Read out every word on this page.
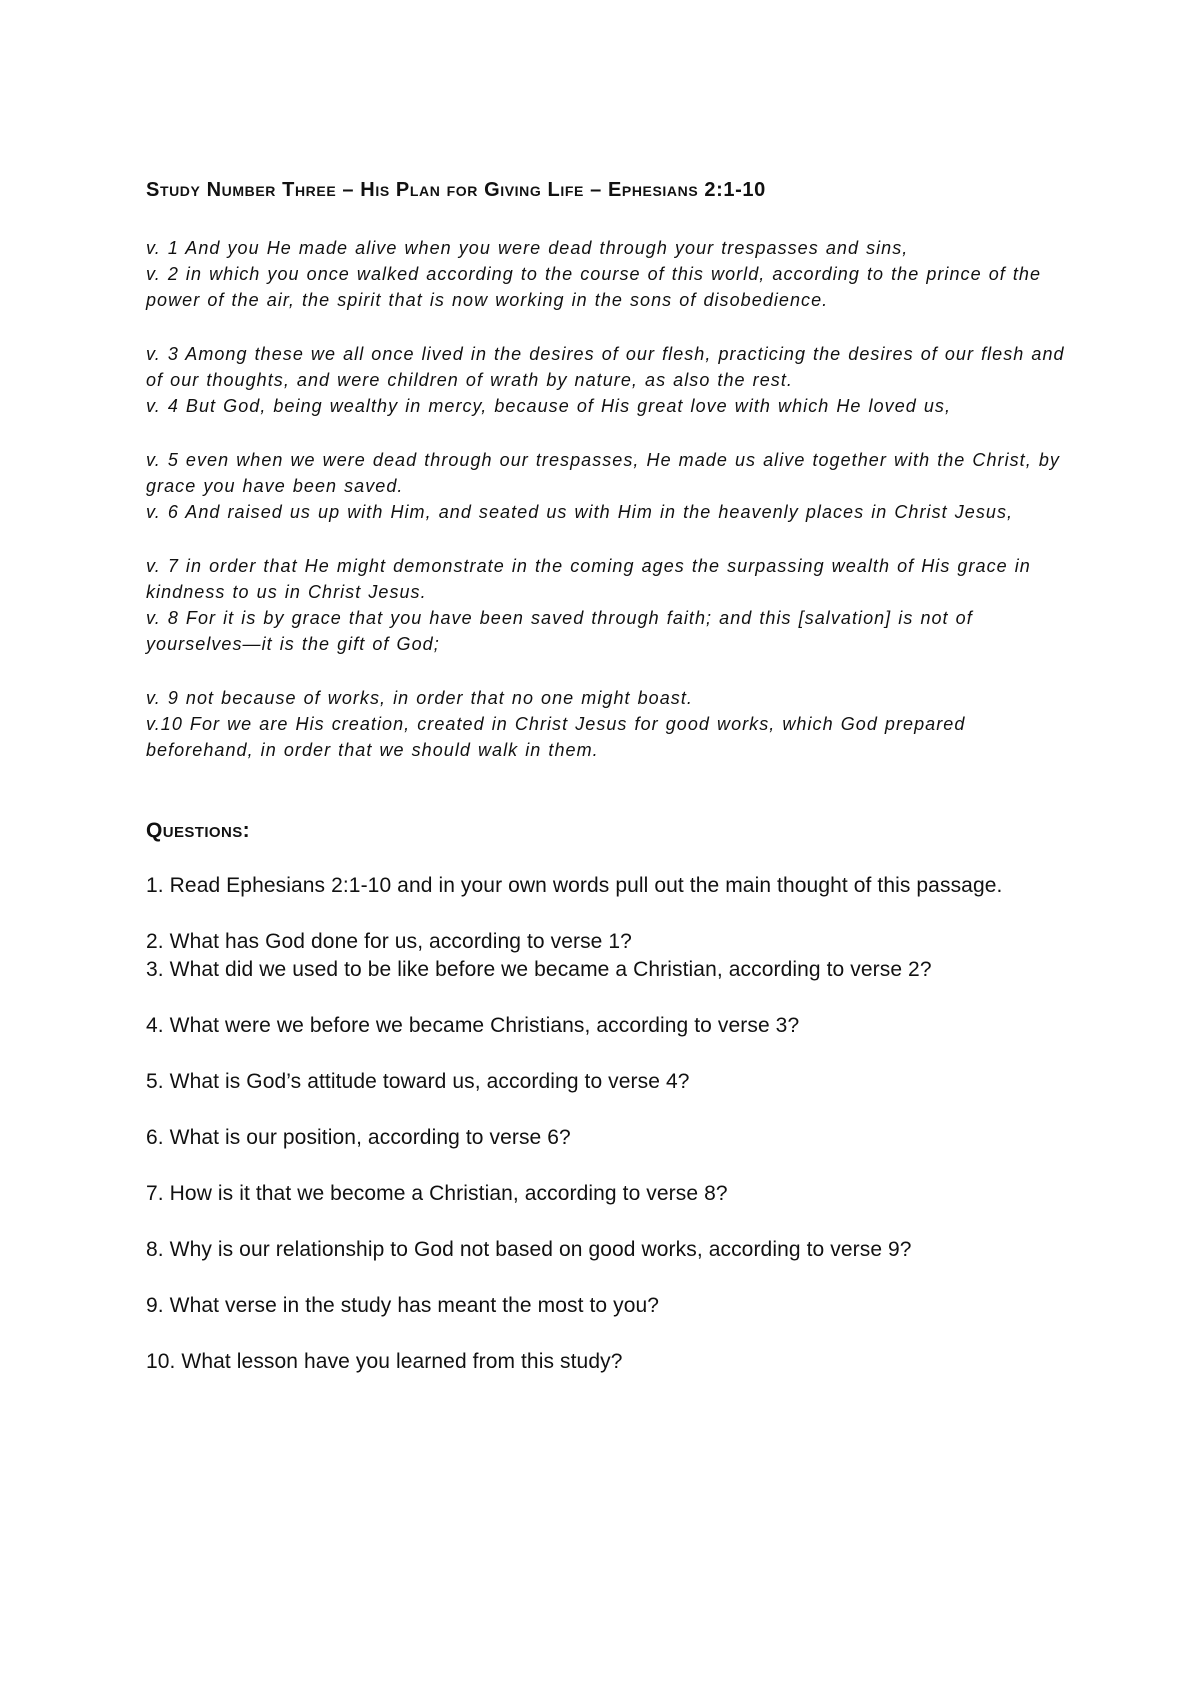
Study Number Three – His Plan for Giving Life – Ephesians 2:1-10
v. 1 And you He made alive when you were dead through your trespasses and sins,
v. 2 in which you once walked according to the course of this world, according to the prince of the power of the air, the spirit that is now working in the sons of disobedience.
v. 3 Among these we all once lived in the desires of our flesh, practicing the desires of our flesh and of our thoughts, and were children of wrath by nature, as also the rest.
v. 4 But God, being wealthy in mercy, because of His great love with which He loved us,
v. 5 even when we were dead through our trespasses, He made us alive together with the Christ, by grace you have been saved.
v. 6 And raised us up with Him, and seated us with Him in the heavenly places in Christ Jesus,
v. 7 in order that He might demonstrate in the coming ages the surpassing wealth of His grace in kindness to us in Christ Jesus.
v. 8 For it is by grace that you have been saved through faith; and this [salvation] is not of yourselves—it is the gift of God;
v. 9 not because of works, in order that no one might boast.
v.10 For we are His creation, created in Christ Jesus for good works, which God prepared beforehand, in order that we should walk in them.
Questions:
1. Read Ephesians 2:1-10 and in your own words pull out the main thought of this passage.
2. What has God done for us, according to verse 1?
3. What did we used to be like before we became a Christian, according to verse 2?
4. What were we before we became Christians, according to verse 3?
5. What is God’s attitude toward us, according to verse 4?
6. What is our position, according to verse 6?
7. How is it that we become a Christian, according to verse 8?
8. Why is our relationship to God not based on good works, according to verse 9?
9. What verse in the study has meant the most to you?
10. What lesson have you learned from this study?
